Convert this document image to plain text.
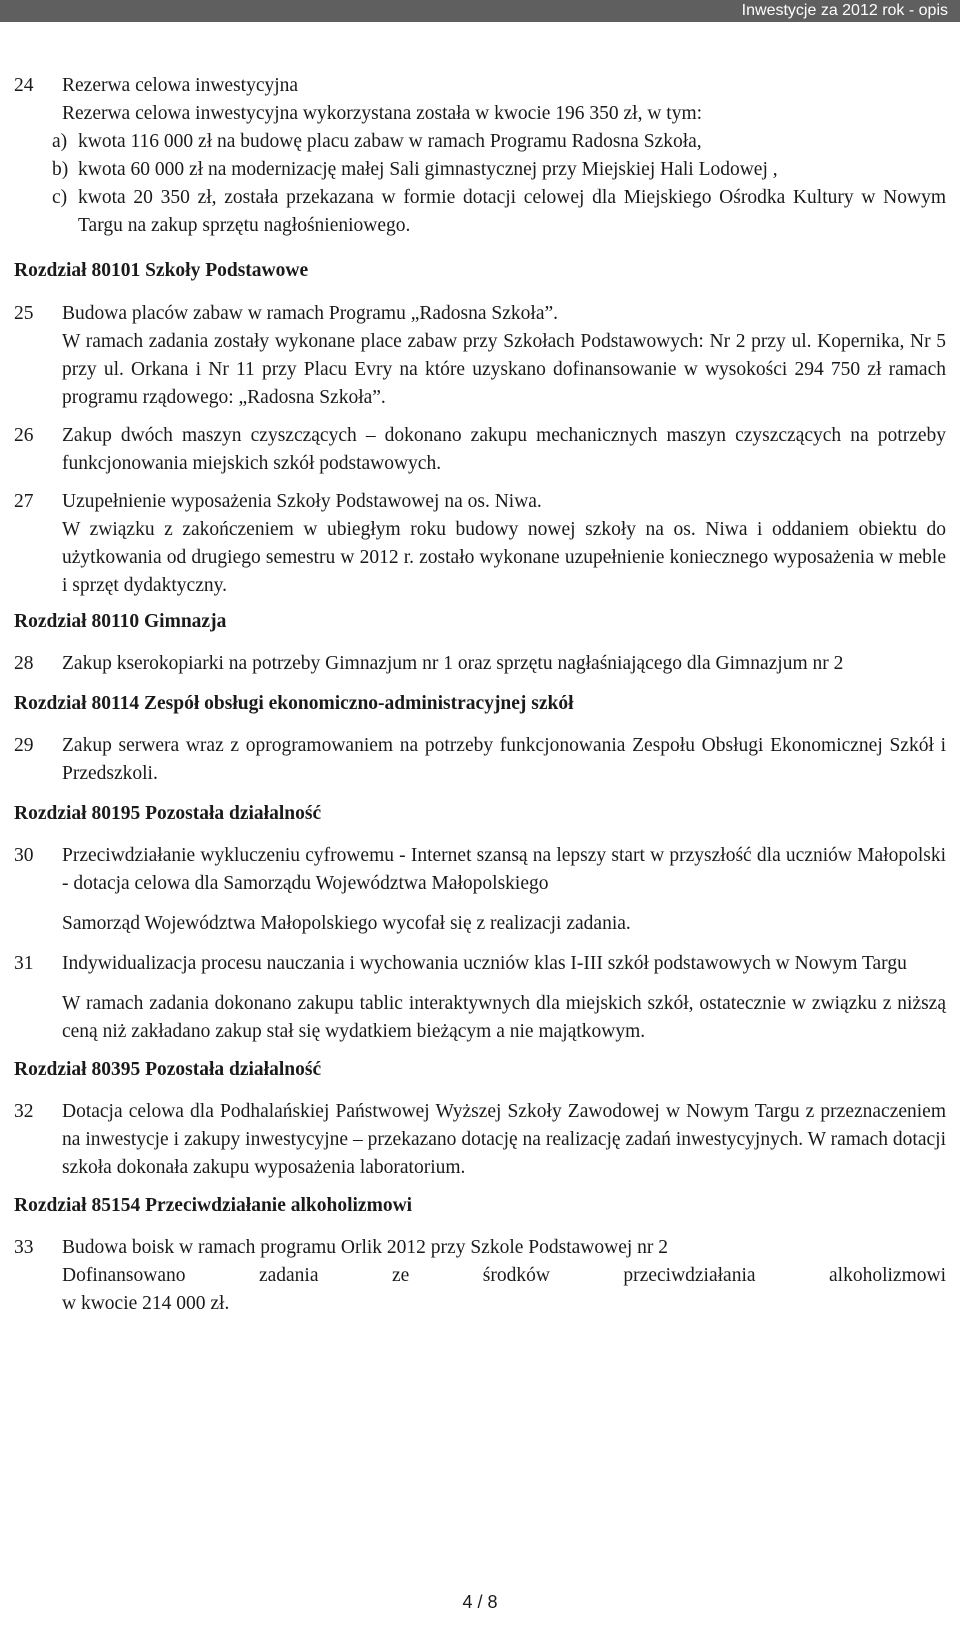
Inwestycje za 2012 rok - opis
24	Rezerwa celowa inwestycyjna

Rezerwa celowa inwestycyjna wykorzystana została w kwocie 196 350 zł, w tym:

a) kwota 116 000 zł na budowę placu zabaw w ramach Programu Radosna Szkoła,

b) kwota 60 000 zł na modernizację małej Sali gimnastycznej przy Miejskiej Hali Lodowej ,

c) kwota 20 350 zł, została przekazana w formie dotacji celowej dla Miejskiego Ośrodka Kultury w Nowym Targu na zakup sprzętu nagłośnieniowego.

Rozdział 80101 Szkoły Podstawowe

25	Budowa placów zabaw w ramach Programu „Radosna Szkoła”.

W ramach zadania zostały wykonane place zabaw przy Szkołach Podstawowych: Nr 2 przy ul. Kopernika, Nr 5 przy ul. Orkana i Nr 11 przy Placu Evry na które uzyskano dofinansowanie w wysokości 294 750 zł ramach programu rządowego: „Radosna Szkoła”.

26	Zakup dwóch maszyn czyszczących – dokonano zakupu mechanicznych maszyn czyszczących na potrzeby funkcjonowania miejskich szkół podstawowych.

27	Uzupełnienie wyposażenia Szkoły Podstawowej na os. Niwa.

W związku z zakończeniem w ubiegłym roku budowy nowej szkoły na os. Niwa i oddaniem obiektu do użytkowania od drugiego semestru w 2012 r. zostało wykonane uzupełnienie koniecznego wyposażenia w meble i sprzęt dydaktyczny.

Rozdział 80110 Gimnazja

28	Zakup kserokopiarki na potrzeby Gimnazjum nr 1 oraz sprzętu nagłaśniającego dla Gimnazjum nr 2

Rozdział 80114 Zespół obsługi ekonomiczno-administracyjnej szkół

29	Zakup serwera wraz z oprogramowaniem na potrzeby funkcjonowania Zespołu Obsługi Ekonomicznej Szkół i Przedszkoli.

Rozdział 80195 Pozostała działalność

30	Przeciwdziałanie wykluczeniu cyfrowemu - Internet szansą na lepszy start w przyszłość dla uczniów Małopolski - dotacja celowa dla Samorządu Województwa Małopolskiego

Samorząd Województwa Małopolskiego wycofał się z realizacji zadania.

31	Indywidualizacja procesu nauczania i wychowania uczniów klas I-III szkół podstawowych w Nowym Targu

W ramach zadania dokonano zakupu tablic interaktywnych dla miejskich szkół, ostatecznie w związku z niższą ceną niż zakładano zakup stał się wydatkiem bieżącym a nie majątkowym.

Rozdział 80395 Pozostała działalność

32	Dotacja celowa dla Podhalańskiej Państwowej Wyższej Szkoły Zawodowej w Nowym Targu z przeznaczeniem na inwestycje i zakupy inwestycyjne – przekazano dotację na realizację zadań inwestycyjnych. W ramach dotacji szkoła dokonała zakupu wyposażenia laboratorium.

Rozdział 85154 Przeciwdziałanie alkoholizmowi

33	Budowa boisk w ramach programu Orlik 2012 przy Szkole Podstawowej nr 2

Dofinansowano zadania ze środków przeciwdziałania alkoholizmowi

w kwocie 214 000 zł.

4 / 8
